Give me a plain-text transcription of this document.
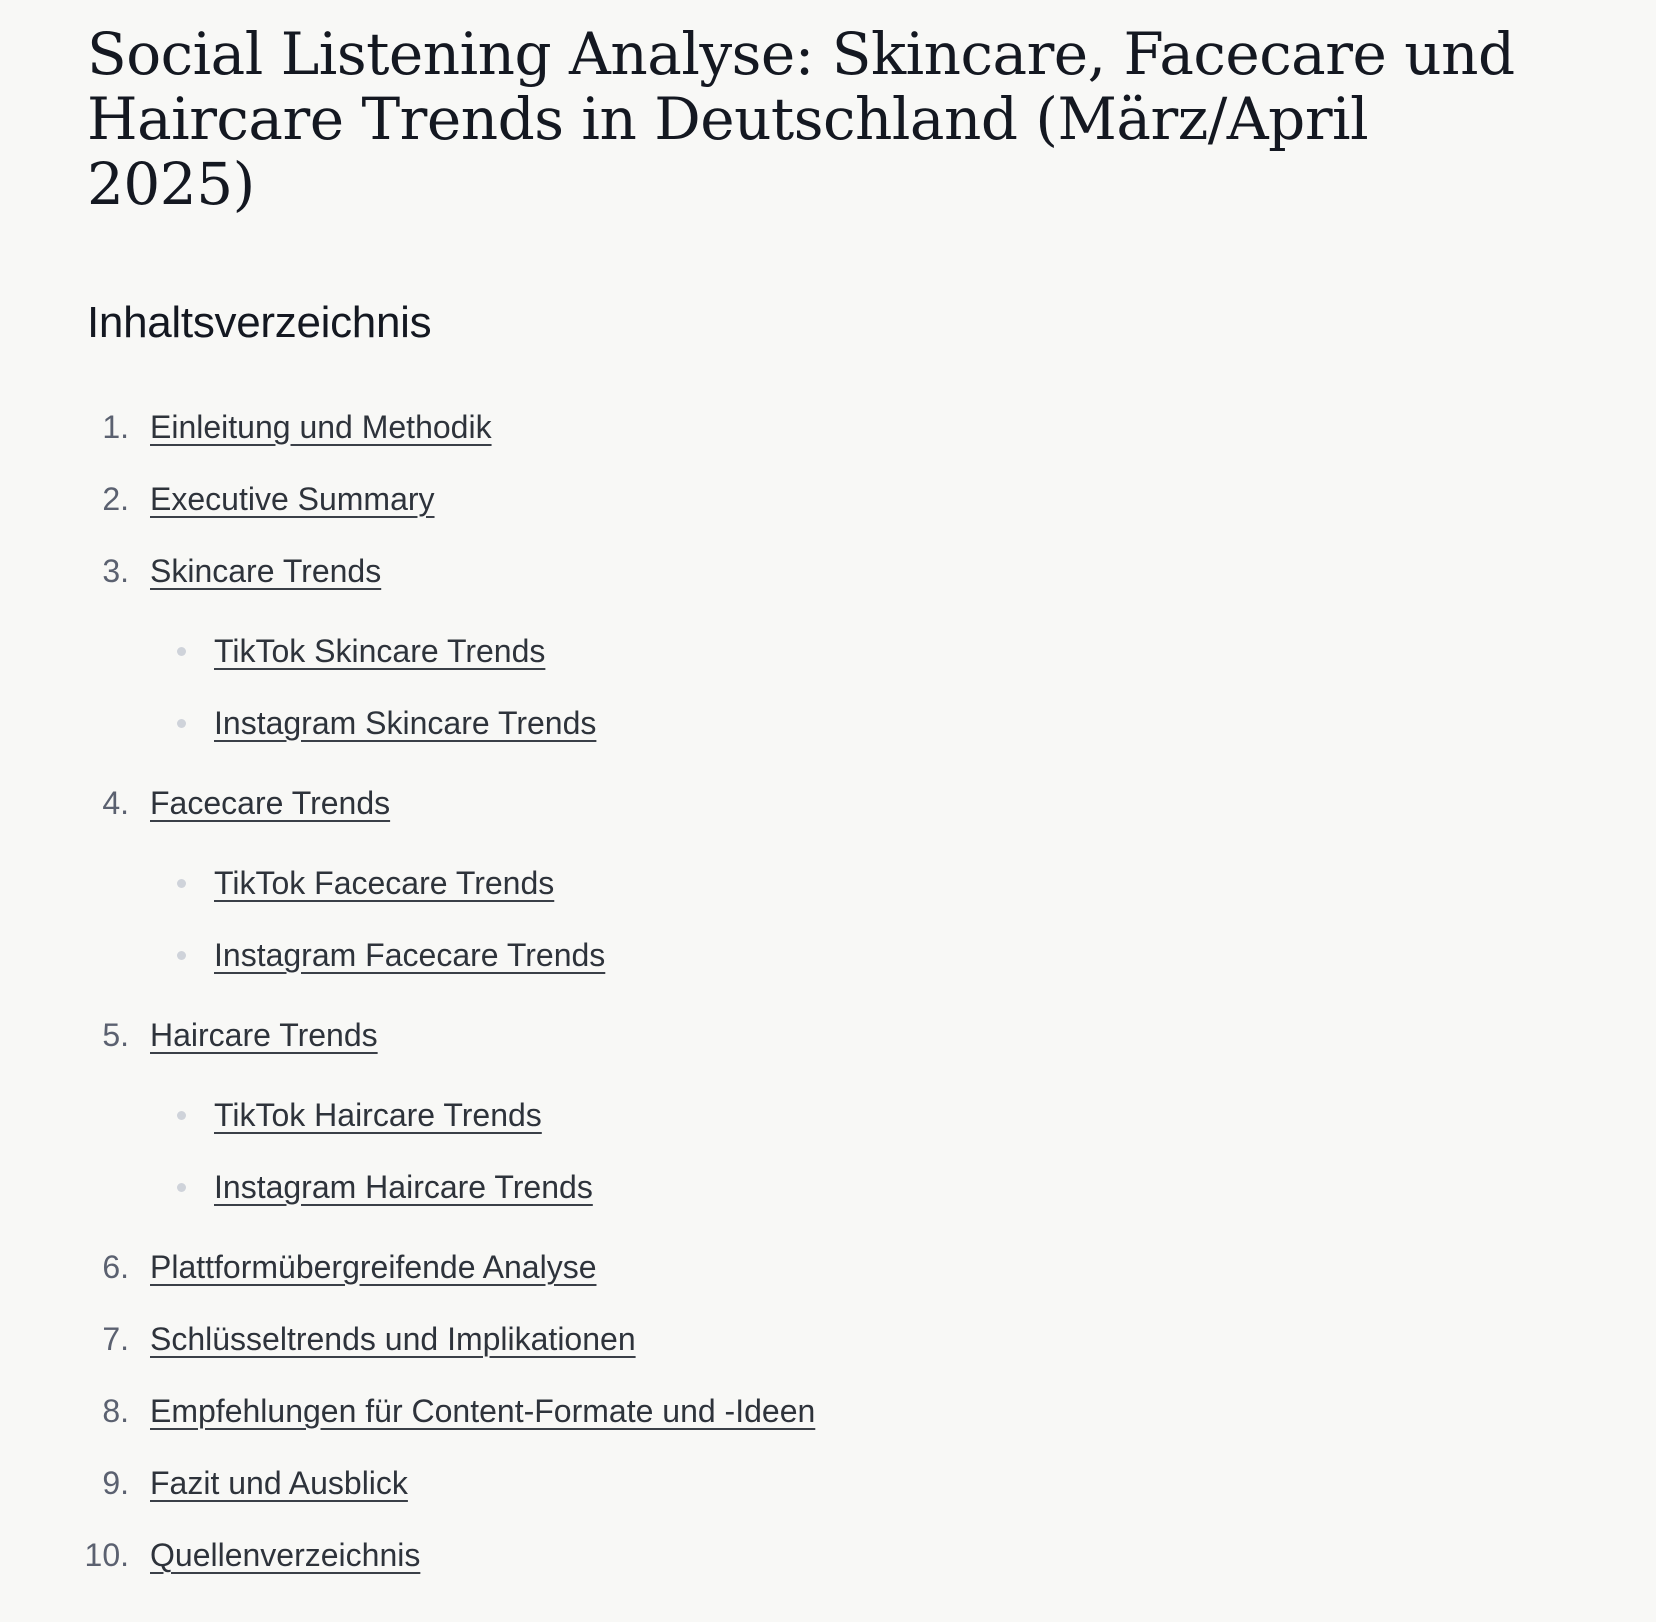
Social Listening Analyse: Skincare, Facecare und Haircare Trends in Deutschland (März/April 2025)
Inhaltsverzeichnis
1. Einleitung und Methodik
2. Executive Summary
3. Skincare Trends
TikTok Skincare Trends
Instagram Skincare Trends
4. Facecare Trends
TikTok Facecare Trends
Instagram Facecare Trends
5. Haircare Trends
TikTok Haircare Trends
Instagram Haircare Trends
6. Plattformübergreifende Analyse
7. Schlüsseltrends und Implikationen
8. Empfehlungen für Content-Formate und -Ideen
9. Fazit und Ausblick
10. Quellenverzeichnis
